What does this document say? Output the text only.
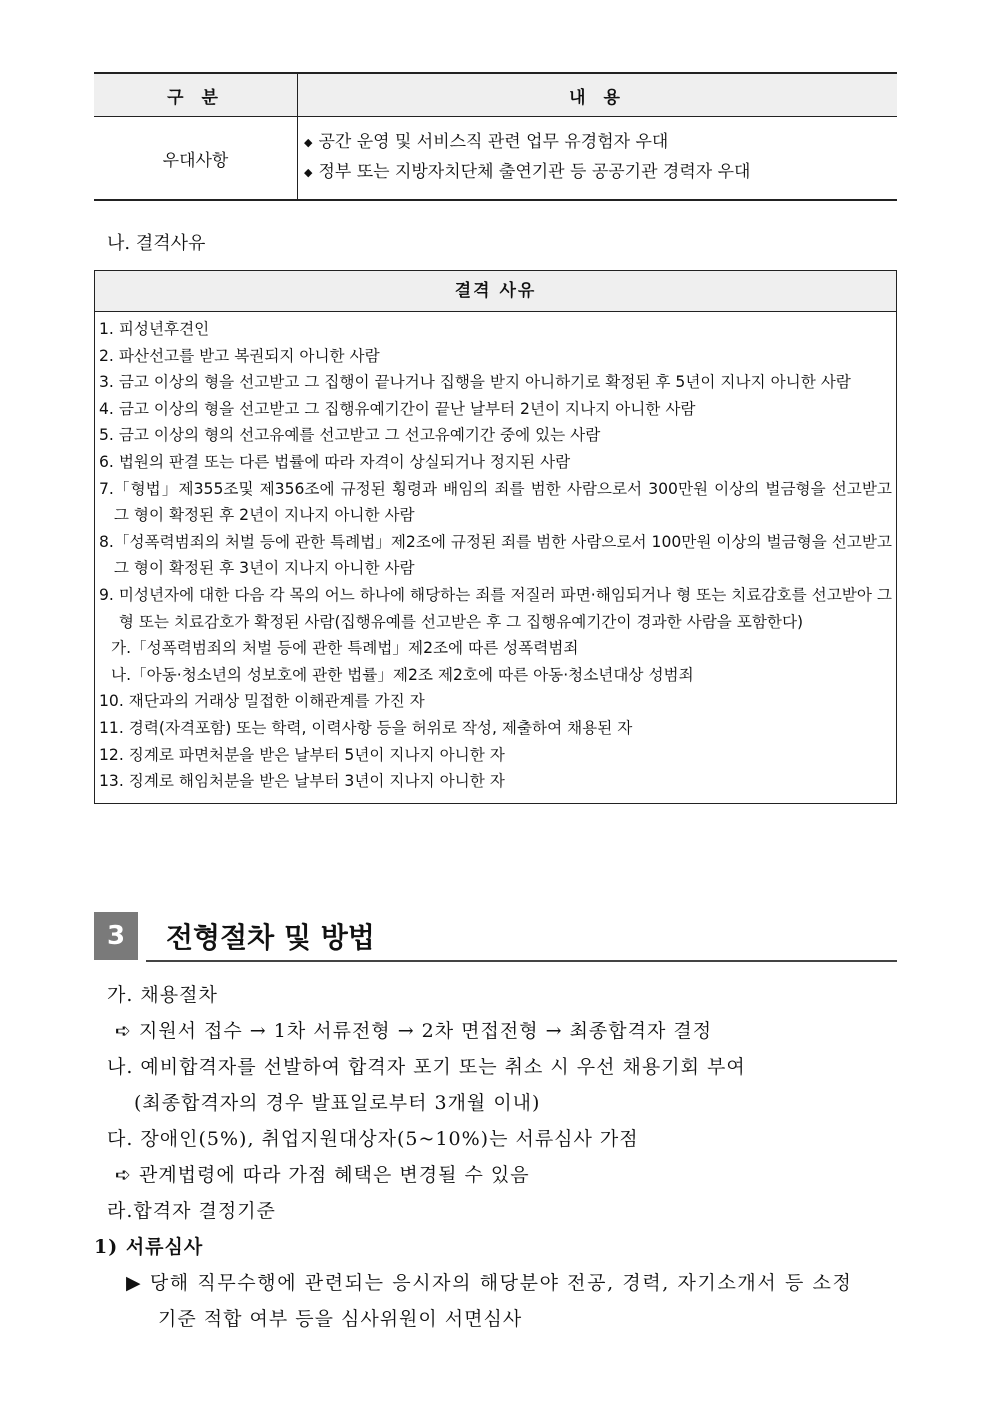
구 분	내 용
우대사항	◆ 공간 운영 및 서비스직 관련 업무 유경험자 우대
◆ 정부 또는 지방자치단체 출연기관 등 공공기관 경력자 우대
나. 결격사유
결격 사유
1. 피성년후견인
2. 파산선고를 받고 복권되지 아니한 사람
3. 금고 이상의 형을 선고받고 그 집행이 끝나거나 집행을 받지 아니하기로 확정된 후 5년이 지나지 아니한 사람
4. 금고 이상의 형을 선고받고 그 집행유예기간이 끝난 날부터 2년이 지나지 아니한 사람
5. 금고 이상의 형의 선고유예를 선고받고 그 선고유예기간 중에 있는 사람
6. 법원의 판결 또는 다른 법률에 따라 자격이 상실되거나 정지된 사람
7. 「형법」제355조및 제356조에 규정된 횡령과 배임의 죄를 범한 사람으로서 300만원 이상의 벌금형을 선고받고 그 형이 확정된 후 2년이 지나지 아니한 사람
8. 「성폭력범죄의 처벌 등에 관한 특례법」제2조에 규정된 죄를 범한 사람으로서 100만원 이상의 벌금형을 선고받고 그 형이 확정된 후 3년이 지나지 아니한 사람
9. 미성년자에 대한 다음 각 목의 어느 하나에 해당하는 죄를 저질러 파면·해임되거나 형 또는 치료감호를 선고받아 그 형 또는 치료감호가 확정된 사람(집행유예를 선고받은 후 그 집행유예기간이 경과한 사람을 포함한다)
가. 「성폭력범죄의 처벌 등에 관한 특례법」제2조에 따른 성폭력범죄
나. 「아동·청소년의 성보호에 관한 법률」제2조 제2호에 따른 아동·청소년대상 성범죄
10. 재단과의 거래상 밀접한 이해관계를 가진 자
11. 경력(자격포함) 또는 학력, 이력사항 등을 허위로 작성, 제출하여 채용된 자
12. 징계로 파면처분을 받은 날부터 5년이 지나지 아니한 자
13. 징계로 해임처분을 받은 날부터 3년이 지나지 아니한 자
3	전형절차 및 방법
가. 채용절차
➪ 지원서 접수 → 1차 서류전형 → 2차 면접전형 → 최종합격자 결정
나. 예비합격자를 선발하여 합격자 포기 또는 취소 시 우선 채용기회 부여
(최종합격자의 경우 발표일로부터 3개월 이내)
다. 장애인(5%), 취업지원대상자(5~10%)는 서류심사 가점
➪ 관계법령에 따라 가점 혜택은 변경될 수 있음
라.합격자 결정기준
1) 서류심사
▶ 당해 직무수행에 관련되는 응시자의 해당분야 전공, 경력, 자기소개서 등 소정
기준 적합 여부 등을 심사위원이 서면심사
